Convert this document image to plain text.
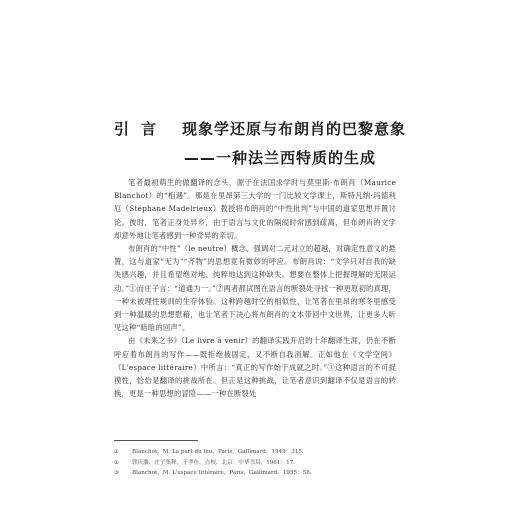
引言 现象学还原与布朗肖的巴黎意象
——一种法兰西特质的生成

笔者最初萌生的做翻译的念头，源于在法国求学时与莫里斯·布朗肖（Maurice Blanchot）的“相遇”。那是在里昂第三大学的一门比较文学课上，斯特凡纳·玛德利厄（Stéphane Madelrieux）教授将布朗肖的“中性批判”与中国的道家思想并置讨论。彼时，笔者正身处异乡，由于语言与文化的隔阂时常感到疏离，但布朗肖的文字却意外地让笔者感到一种奇异的亲切。

布朗肖的“中性”（le neutre）概念，强调对二元对立的超越，对确定性意义的悬置，这与道家“无为”“齐物”的思想竟有微妙的呼应。布朗肖说：“文学只对自我的缺失感兴趣，并且希望绝对地、纯粹地达到这种缺失，想要在整体上把握理解的无限运动。”①而庄子言：“道通为一。”②两者都试图在语言的断裂处寻找一种更原初的真理，一种未被理性规训的生存体验。这种跨越时空的相似性，让笔者在里昂的寒冬里感受到一种温暖的思想慰藉，也让笔者下决心将布朗肖的文本带回中文世界，让更多人听见这种“暗暗的回声”。

由《未来之书》（Le livre à venir）的翻译实践开启的十年翻译生涯，仍在不断呼应着布朗肖的写作——既拒绝被固定，又不断自我消解。正如他在《文学空间》（L'espace littéraire）中所言：“真正的写作始于成就之时。”③这种语言的不可捉摸性，恰恰是翻译的挑战所在。但正是这种挑战，让笔者意识到翻译不仅是语言的转换，更是一种思想的冒险——一种在断裂处

① Blanchot，M. La part du feu，Paris，Gallimard，1949：315.
② 郭庆藩．庄子集释，王孝鱼，点校．北京：中华书局，1961：17.
③ Blanchot，M. L'espace littéraire，Paris，Gallimard，1955：58.
